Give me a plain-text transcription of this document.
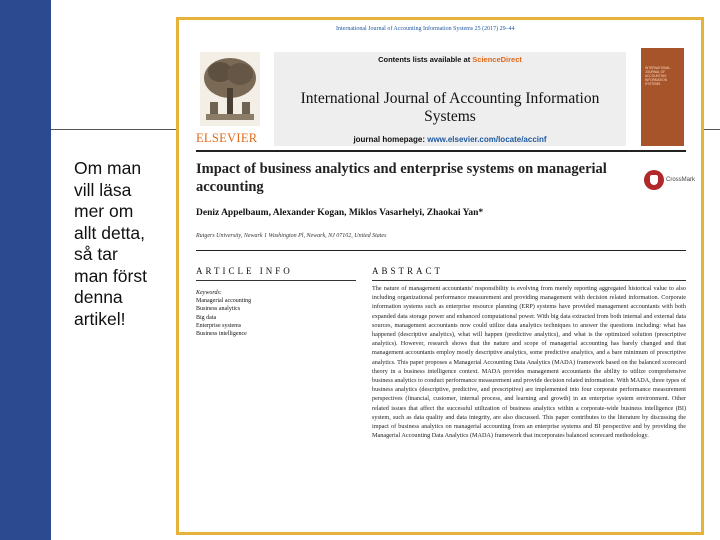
Om man
vill läsa
mer om
allt detta,
så tar
man först
denna
artikel!
International Journal of Accounting Information Systems 25 (2017) 29–44
ELSEVIER
Contents lists available at ScienceDirect
International Journal of Accounting Information
Systems
journal homepage: www.elsevier.com/locate/accinf
INTERNATIONAL JOURNAL OF ACCOUNTING INFORMATION SYSTEMS
Impact of business analytics and enterprise systems on managerial
accounting	CrossMark
Deniz Appelbaum, Alexander Kogan, Miklos Vasarhelyi, Zhaokai Yan*
Rutgers University, Newark 1 Washington Pl, Newark, NJ 07102, United States
ARTICLE INFO	ABSTRACT
Keywords:
Managerial accounting
Business analytics
Big data
Enterprise systems
Business intelligence
The nature of management accountants' responsibility is evolving from merely reporting aggregated historical value to also including organizational performance measurement and providing management with decision related information. Corporate information systems such as enterprise resource planning (ERP) systems have provided management accountants with both expanded data storage power and enhanced computational power. With big data extracted from both internal and external data sources, management accountants now could utilize data analytics techniques to answer the questions including: what has happened (descriptive analytics), what will happen (predictive analytics), and what is the optimized solution (prescriptive analytics). However, research shows that the nature and scope of managerial accounting has barely changed and that management accountants employ mostly descriptive analytics, some predictive analytics, and a bare minimum of prescriptive analytics. This paper proposes a Managerial Accounting Data Analytics (MADA) framework based on the balanced scorecard theory in a business intelligence context. MADA provides management accountants the ability to utilize comprehensive business analytics to conduct performance measurement and provide decision related information. With MADA, three types of business analytics (descriptive, predictive, and prescriptive) are implemented into four corporate performance measurement perspectives (financial, customer, internal process, and learning and growth) in an enterprise system environment. Other related issues that affect the successful utilization of business analytics within a corporate-wide business intelligence (BI) system, such as data quality and data integrity, are also discussed. This paper contributes to the literature by discussing the impact of business analytics on managerial accounting from an enterprise systems and BI perspective and by providing the Managerial Accounting Data Analytics (MADA) framework that incorporates balanced scorecard methodology.
